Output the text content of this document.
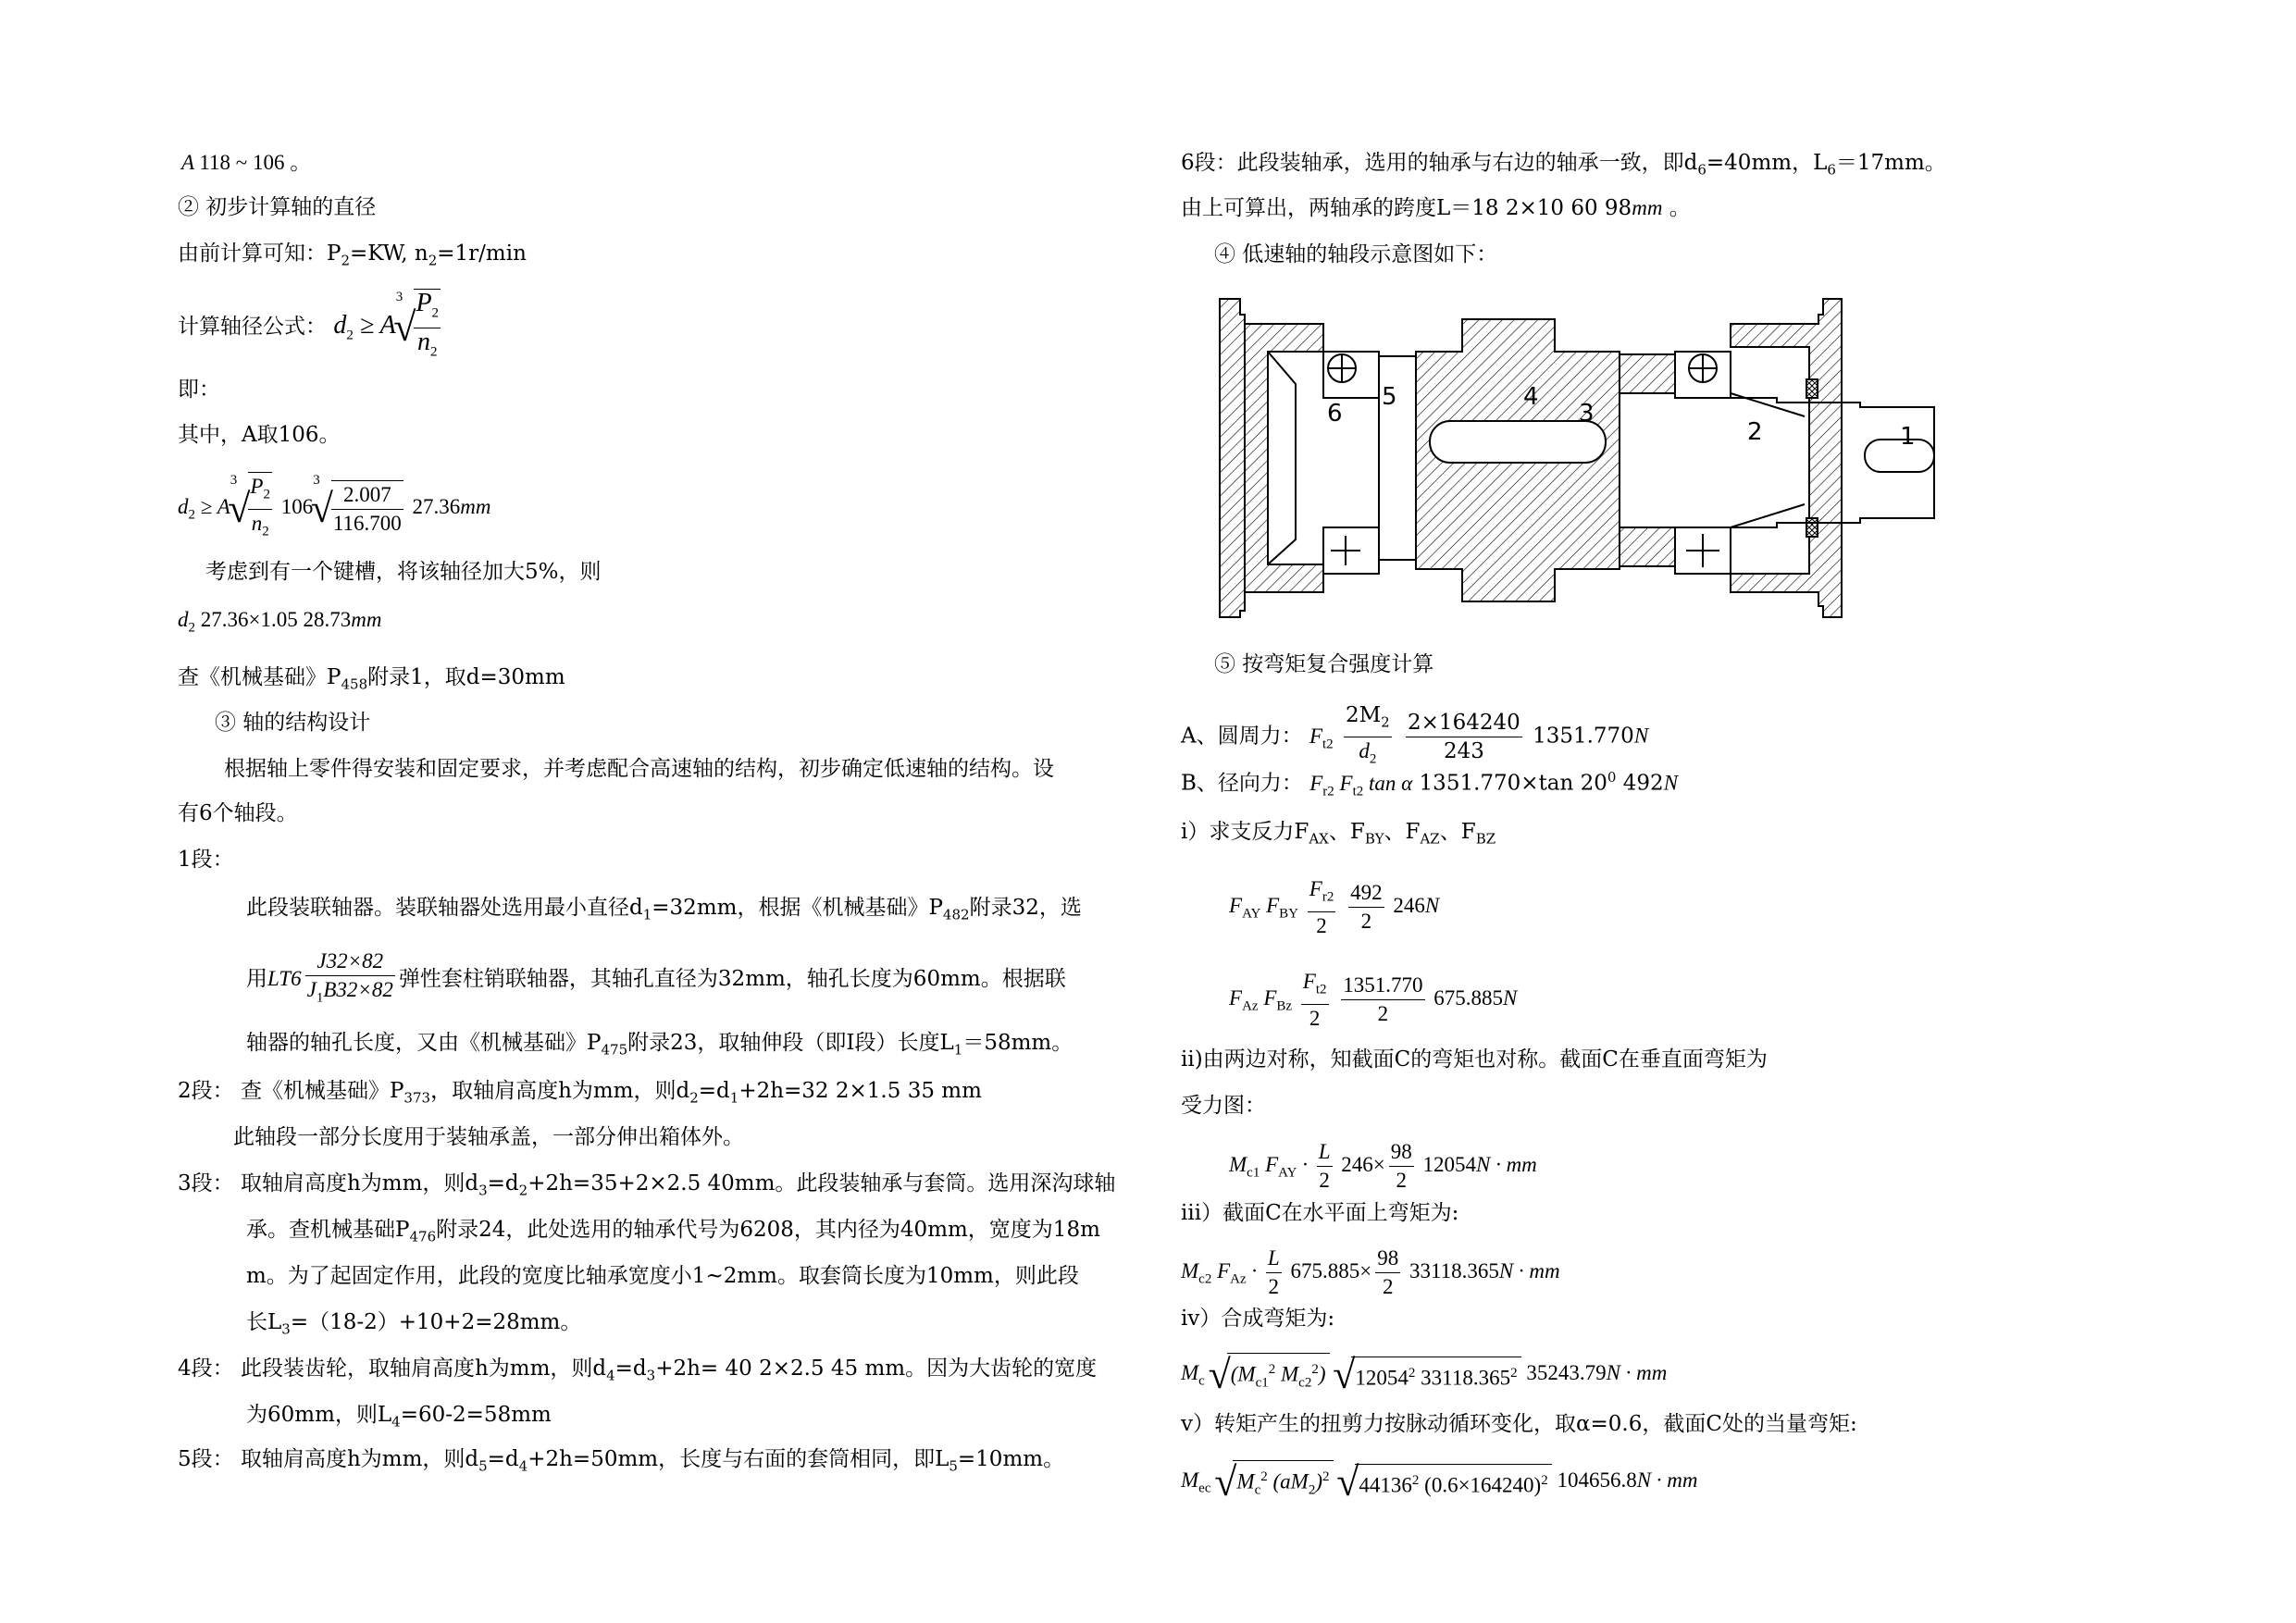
A 118 ~ 106 。
② 初步计算轴的直径
由前计算可知：$P_2=KW$, $n_2=1r/\min$
计算轴径公式： $d_2 \ge A^3√$
$\frac{P_2}{n_2}$
即：
其中，A取106。
$d_2 \ge A^3√$
$\frac{P_2}{n_2} 106^3√$
$\frac{2.007}{116.700} 27.36mm$
考虑到有一个键槽，将该轴径加大5%，则
$d_2$ 27.36×1.05 28.73mm
查《机械基础》$P_{458}$附录1，取d=30mm
③ 轴的结构设计
根据轴上零件得安装和固定要求，并考虑配合高速轴的结构，初步确定低速轴的结构。设
有6个轴段。
1段：
此段装联轴器。装联轴器处选用最小直径$d_1=32mm$，根据《机械基础》$P_{482}$附录32，选
用$LT6 \frac{J32\times 82}{J_1B32\times 82}$ 弹性套柱销联轴器，其轴孔直径为32mm，轴孔长度为60mm。根据联
轴器的轴孔长度，又由《机械基础》$P_{475}$附录23，取轴伸段（即Ⅰ段）长度$L_1=58mm$。
2段： 查《机械基础》$P_{373}$，取轴肩高度h为mm，则$d_2=d_1+2h=32$ 2×1.5 35 mm
此轴段一部分长度用于装轴承盖，一部分伸出箱体外。
3段： 取轴肩高度h为mm，则$d_3=d_2+2h=35+2\times 2.5$ 40mm。此段装轴承与套筒。选用深沟球轴
承。查机械基础$P_{476}$附录24，此处选用的轴承代号为6208，其内径为40mm，宽度为18m
m。为了起固定作用，此段的宽度比轴承宽度小1~2mm。取套筒长度为10mm，则此段
长$L_3=(18-2)+10+2=28mm$。
4段： 此段装齿轮，取轴肩高度h为mm，则$d_4=d_3+2h= 40$ 2×2.5 45 mm。因为大齿轮的宽度
为60mm，则$L_4=60-2=58mm$
5段： 取轴肩高度h为mm，则$d_5=d_4+2h=50mm$，长度与右面的套筒相同，即$L_5=10mm$。
6段：此段装轴承，选用的轴承与右边的轴承一致，即$d_6=40mm$，$L_6=17mm$。
由上可算出，两轴承的跨度L＝18 2×10 60 98mm 。
④ 低速轴的轴段示意图如下：
1
2
3
4
5
6
⑤ 按弯矩复合强度计算
A、圆周力： $F_{t2} \frac{2M_2}{d_2}$
$\frac{2\times 164240}{243} 1351.770N$
B、径向力： $F_{r2}$ $F_{t2}$ tan α 1351.770×tan $20^0$ 492N
ⅰ）求支反力$F_{AX}$、$F_{BY}$、$F_{AZ}$、$F_{BZ}$
$F_{AY}$ $F_{BY} \frac{F_{r2}}{2}$
$\frac{492}{2} 246N$
$F_{Az}$ $F_{Bz} \frac{F_{t2}}{2}$
$\frac{1351.770}{2} 675.885N$
ⅱ)由两边对称，知截面C的弯矩也对称。截面C在垂直面弯矩为
受力图：
$M_{c1}$ $F_{AY} \cdot \frac{L}{2} 246\times \frac{98}{2} 12054N$ · mm
ⅲ）截面C在水平面上弯矩为:
$M_{c2}$ $F_{Az} \cdot \frac{L}{2} 675.885\times \frac{98}{2} 33118.365N$ · mm
ⅳ）合成弯矩为:
$M_c$ $√(M_{c1}^2$ $M_{c2}^2$) √12054$^2$ 33118.365$^2$ 35243.79N · mm
ⅴ）转矩产生的扭剪力按脉动循环变化，取α=0.6，截面C处的当量弯矩:
$M_{ec}$ $√M_c^2$ $(aM_2)^2$ √44136$^2$ $(0.6\times 164240)^2$ 104656.8N · mm
